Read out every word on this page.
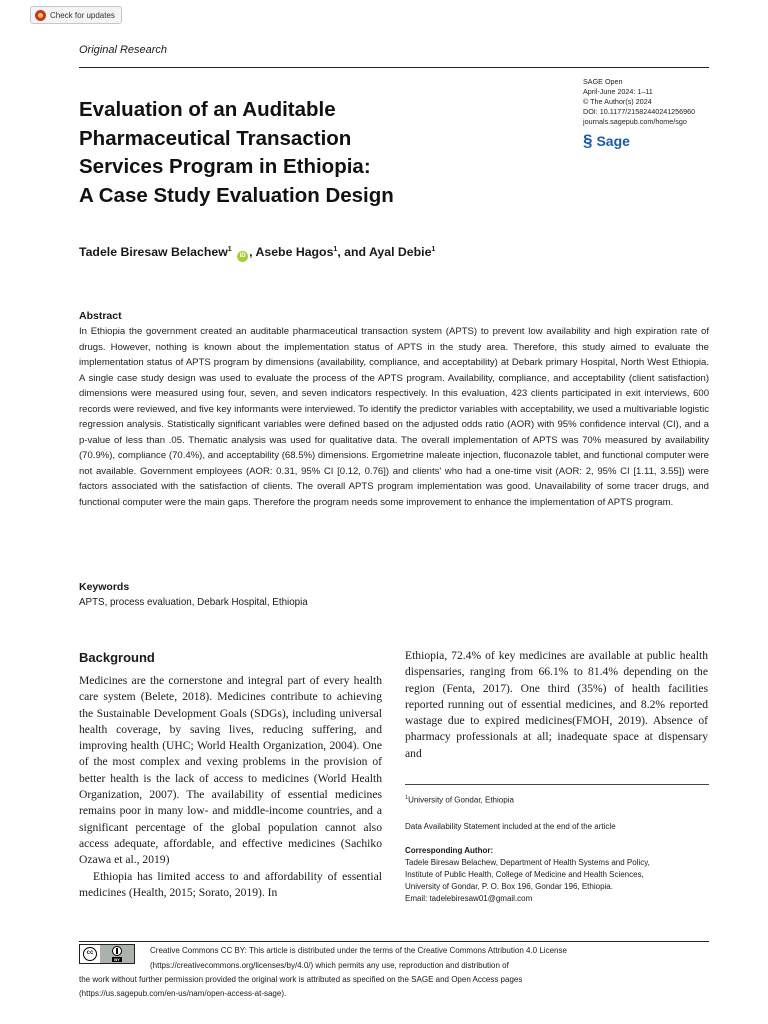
Check for updates
Original Research
SAGE Open
April-June 2024: 1–11
© The Author(s) 2024
DOI: 10.1177/21582440241256960
journals.sagepub.com/home/sgo
§ Sage
Evaluation of an Auditable
Pharmaceutical Transaction
Services Program in Ethiopia:
A Case Study Evaluation Design
Tadele Biresaw Belachew$^1$ iD , Asebe Hagos$^1$, and Ayal Debie$^1$
Abstract
In Ethiopia the government created an auditable pharmaceutical transaction system (APTS) to prevent low availability and high expiration rate of drugs. However, nothing is known about the implementation status of APTS in the study area. Therefore, this study aimed to evaluate the implementation status of APTS program by dimensions (availability, compliance, and acceptability) at Debark primary Hospital, North West Ethiopia. A single case study design was used to evaluate the process of the APTS program. Availability, compliance, and acceptability (client satisfaction) dimensions were measured using four, seven, and seven indicators respectively. In this evaluation, 423 clients participated in exit interviews, 600 records were reviewed, and five key informants were interviewed. To identify the predictor variables with acceptability, we used a multivariable logistic regression analysis. Statistically significant variables were defined based on the adjusted odds ratio (AOR) with 95% confidence interval (CI), and a p-value of less than .05. Thematic analysis was used for qualitative data. The overall implementation of APTS was 70% measured by availability (70.9%), compliance (70.4%), and acceptability (68.5%) dimensions. Ergometrine maleate injection, fluconazole tablet, and functional computer were not available. Government employees (AOR: 0.31, 95% CI [0.12, 0.76]) and clients' who had a one-time visit (AOR: 2, 95% CI [1.11, 3.55]) were factors associated with the satisfaction of clients. The overall APTS program implementation was good. Unavailability of some tracer drugs, and functional computer were the main gaps. Therefore the program needs some improvement to enhance the implementation of APTS program.
Keywords
APTS, process evaluation, Debark Hospital, Ethiopia
Background

Medicines are the cornerstone and integral part of every health care system (Belete, 2018). Medicines contribute to achieving the Sustainable Development Goals (SDGs), including universal health coverage, by saving lives, reducing suffering, and improving health (UHC; World Health Organization, 2004). One of the most complex and vexing problems in the provision of better health is the lack of access to medicines (World Health Organization, 2007). The availability of essential medicines remains poor in many low- and middle-income countries, and a significant percentage of the global population cannot also access adequate, affordable, and effective medicines (Sachiko Ozawa et al., 2019)

Ethiopia has limited access to and affordability of essential medicines (Health, 2015; Sorato, 2019). In

Ethiopia, 72.4% of key medicines are available at public health dispensaries, ranging from 66.1% to 81.4% depending on the region (Fenta, 2017). One third (35%) of health facilities reported running out of essential medicines, and 8.2% reported wastage due to expired medicines(FMOH, 2019). Absence of pharmacy professionals at all; inadequate space at dispensary and
$^1$University of Gondar, Ethiopia
Data Availability Statement included at the end of the article
Corresponding Author:
Tadele Biresaw Belachew, Department of Health Systems and Policy,
Institute of Public Health, College of Medicine and Health Sciences,
University of Gondar, P. O. Box 196, Gondar 196, Ethiopia.
Email: tadelebiresaw01@gmail.com
cc
BY
Creative Commons CC BY: This article is distributed under the terms of the Creative Commons Attribution 4.0 License
(https://creativecommons.org/licenses/by/4.0/) which permits any use, reproduction and distribution of
the work without further permission provided the original work is attributed as specified on the SAGE and Open Access pages
(https://us.sagepub.com/en-us/nam/open-access-at-sage).
